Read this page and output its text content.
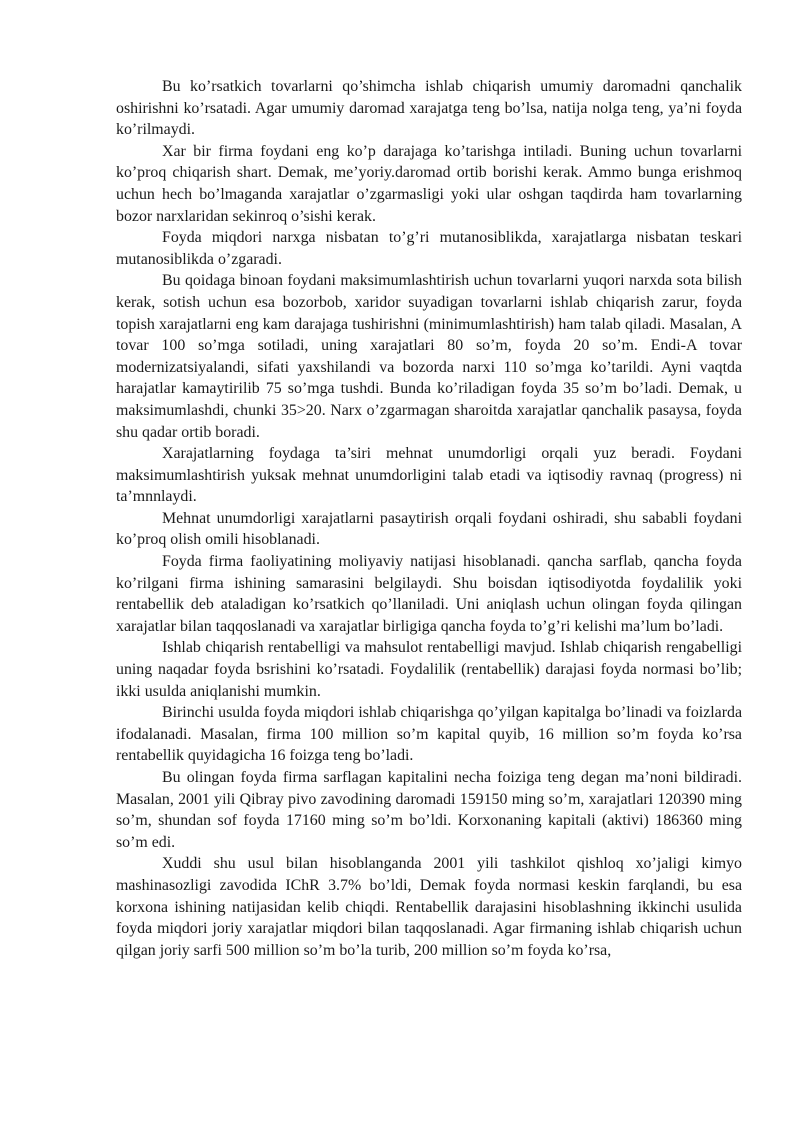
Bu ko’rsatkich tovarlarni qo’shimcha ishlab chiqarish umumiy daromadni qanchalik oshirishni ko’rsatadi. Agar umumiy daromad xarajatga teng bo’lsa, natija nolga teng, ya’ni foyda ko’rilmaydi.

Xar bir firma foydani eng ko’p darajaga ko’tarishga intiladi. Buning uchun tovarlarni ko’proq chiqarish shart. Demak, me’yoriy.daromad ortib borishi kerak. Ammo bunga erishmoq uchun hech bo’lmaganda xarajatlar o’zgarmasligi yoki ular oshgan taqdirda ham tovarlarning bozor narxlaridan sekinroq o’sishi kerak.

Foyda miqdori narxga nisbatan to’g’ri mutanosiblikda, xarajatlarga nisbatan teskari mutanosiblikda o’zgaradi.

Bu qoidaga binoan foydani maksimumlashtirish uchun tovarlarni yuqori narxda sota bilish kerak, sotish uchun esa bozorbob, xaridor suyadigan tovarlarni ishlab chiqarish zarur, foyda topish xarajatlarni eng kam darajaga tushirishni (minimumlashtirish) ham talab qiladi. Masalan, A tovar 100 so’mga sotiladi, uning xarajatlari 80 so’m, foyda 20 so’m. Endi-A tovar modernizatsiyalandi, sifati yaxshilandi va bozorda narxi 110 so’mga ko’tarildi. Ayni vaqtda harajatlar kamaytirilib 75 so’mga tushdi. Bunda ko’riladigan foyda 35 so’m bo’ladi. Demak, u maksimumlashdi, chunki 35>20. Narx o’zgarmagan sharoitda xarajatlar qanchalik pasaysa, foyda shu qadar ortib boradi.

Xarajatlarning foydaga ta’siri mehnat unumdorligi orqali yuz beradi. Foydani maksimumlashtirish yuksak mehnat unumdorligini talab etadi va iqtisodiy ravnaq (progress) ni ta’mnnlaydi.

Mehnat unumdorligi xarajatlarni pasaytirish orqali foydani oshiradi, shu sababli foydani ko’proq olish omili hisoblanadi.

Foyda firma faoliyatining moliyaviy natijasi hisoblanadi. qancha sarflab, qancha foyda ko’rilgani firma ishining samarasini belgilaydi. Shu boisdan iqtisodiyotda foydalilik yoki rentabellik deb ataladigan ko’rsatkich qo’llaniladi. Uni aniqlash uchun olingan foyda qilingan xarajatlar bilan taqqoslanadi va xarajatlar birligiga qancha foyda to’g’ri kelishi ma’lum bo’ladi.

Ishlab chiqarish rentabelligi va mahsulot rentabelligi mavjud. Ishlab chiqarish rengabelligi uning naqadar foyda bsrishini ko’rsatadi. Foydalilik (rentabellik) darajasi foyda normasi bo’lib; ikki usulda aniqlanishi mumkin.

Birinchi usulda foyda miqdori ishlab chiqarishga qo’yilgan kapitalga bo’linadi va foizlarda ifodalanadi. Masalan, firma 100 million so’m kapital quyib, 16 million so’m foyda ko’rsa rentabellik quyidagicha 16 foizga teng bo’ladi.

Bu olingan foyda firma sarflagan kapitalini necha foiziga teng degan ma’noni bildiradi. Masalan, 2001 yili Qibray pivo zavodining daromadi 159150 ming so’m, xarajatlari 120390 ming so’m, shundan sof foyda 17160 ming so’m bo’ldi. Korxonaning kapitali (aktivi) 186360 ming so’m edi.

Xuddi shu usul bilan hisoblanganda 2001 yili tashkilot qishloq xo’jaligi kimyo mashinasozligi zavodida IChR 3.7% bo’ldi, Demak foyda normasi keskin farqlandi, bu esa korxona ishining natijasidan kelib chiqdi. Rentabellik darajasini hisoblashning ikkinchi usulida foyda miqdori joriy xarajatlar miqdori bilan taqqoslanadi. Agar firmaning ishlab chiqarish uchun qilgan joriy sarfi 500 million so’m bo’la turib, 200 million so’m foyda ko’rsa,
